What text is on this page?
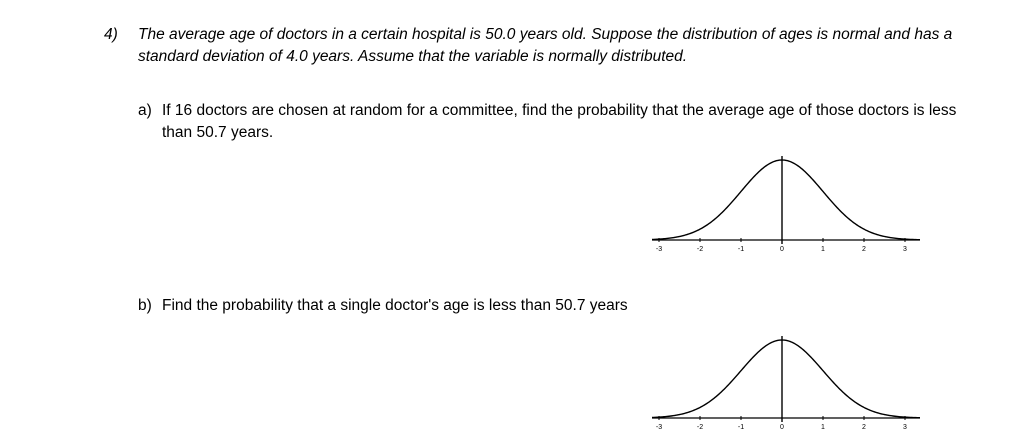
4) The average age of doctors in a certain hospital is 50.0 years old. Suppose the distribution of ages is normal and has a standard deviation of 4.0 years. Assume that the variable is normally distributed.
a) If 16 doctors are chosen at random for a committee, find the probability that the average age of those doctors is less than 50.7 years.
-3	-2	-1	0	1	2	3
b) Find the probability that a single doctor's age is less than 50.7 years
-3	-2	-1	0	1	2	3
